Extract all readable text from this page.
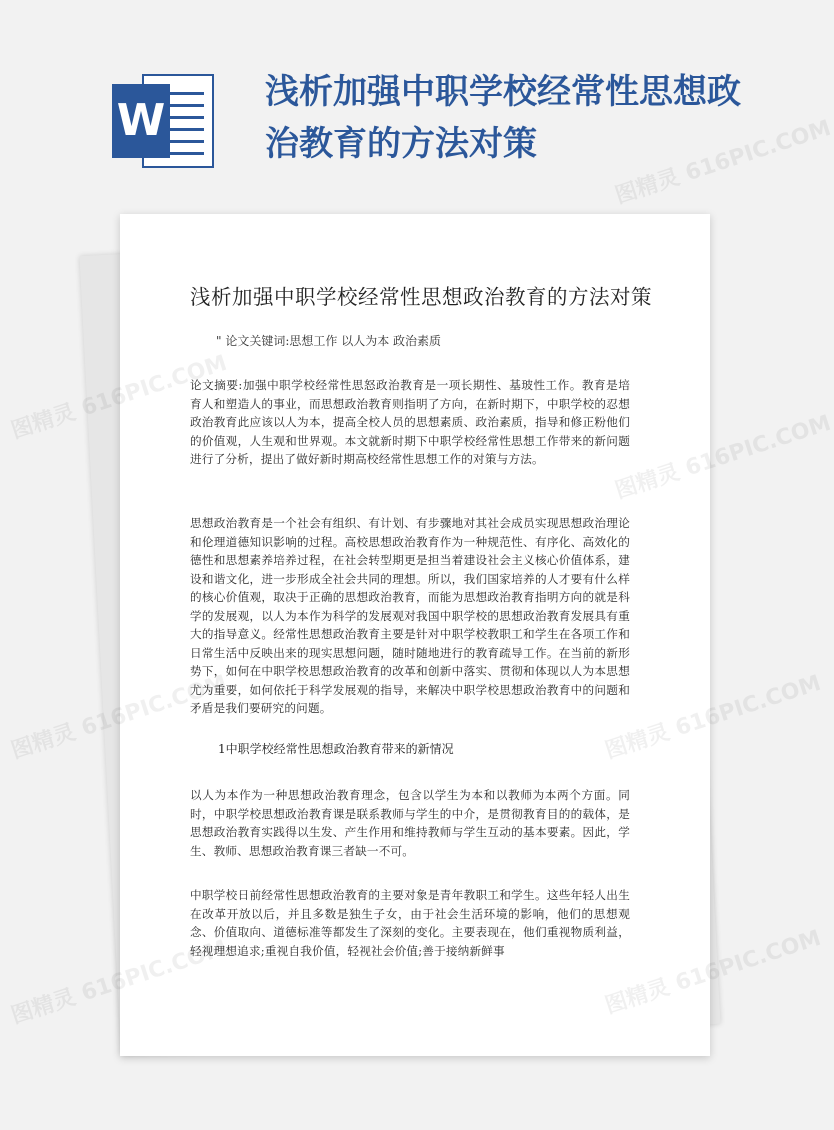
W
浅析加强中职学校经常性思想政治教育的方法对策
浅析加强中职学校经常性思想政治教育的方法对策
" 论文关键词:思想工作 以人为本 政治素质

论文摘要:加强中职学校经常性思怒政治教育是一项长期性、基玻性工作。教育是培育人和塑造人的事业，而思想政治教育则指明了方向，在新时期下，中职学校的忍想政治教育此应该以人为本，提高全校人员的思想素质、政治素质，指导和修正粉他们的价值观，人生观和世界观。本文就新时期下中职学校经常性思想工作带来的新问题进行了分析，提出了做好新时期高校经常性思想工作的对策与方法。

思想政治教育是一个社会有组织、有计划、有步骤地对其社会成员实现思想政治理论和伦理道德知识影响的过程。高校思想政治教育作为一种规范性、有序化、高效化的德性和思想素养培养过程，在社会转型期更是担当着建设社会主义核心价值体系，建设和谐文化，进一步形成全社会共同的理想。所以，我们国家培养的人才要有什么样的核心价值观，取决于正确的思想政治教育，而能为思想政治教育指明方向的就是科学的发展观，以人为本作为科学的发展观对我国中职学校的思想政治教育发展具有重大的指导意义。经常性思想政治教育主要是针对中职学校教职工和学生在各项工作和日常生活中反映出来的现实思想问题，随时随地进行的教育疏导工作。在当前的新形势下，如何在中职学校思想政治教育的改革和创新中落实、贯彻和体现以人为本思想尤为重要，如何依托于科学发展观的指导，来解决中职学校思想政治教育中的问题和矛盾是我们要研究的问题。

1中职学校经常性思想政治教育带来的新情况

以人为本作为一种思想政治教育理念，包含以学生为本和以教师为本两个方面。同时，中职学校思想政治教育课是联系教师与学生的中介，是贯彻教育目的的载体，是思想政治教育实践得以生发、产生作用和维持教师与学生互动的基本要素。因此，学生、教师、思想政治教育课三者缺一不可。

中职学校日前经常性思想政治教育的主要对象是青年教职工和学生。这些年轻人出生在改革开放以后，并且多数是独生子女，由于社会生活环境的影响，他们的思想观念、价值取向、道德标准等都发生了深刻的变化。主要表现在，他们重视物质利益，轻视理想追求;重视自我价值，轻视社会价值;善于接纳新鲜事

图精灵 616PIC.COM
图精灵	图精灵 616PIC.COM
图精灵	图精灵 616PIC.COM
图精灵
616PIC.COM
